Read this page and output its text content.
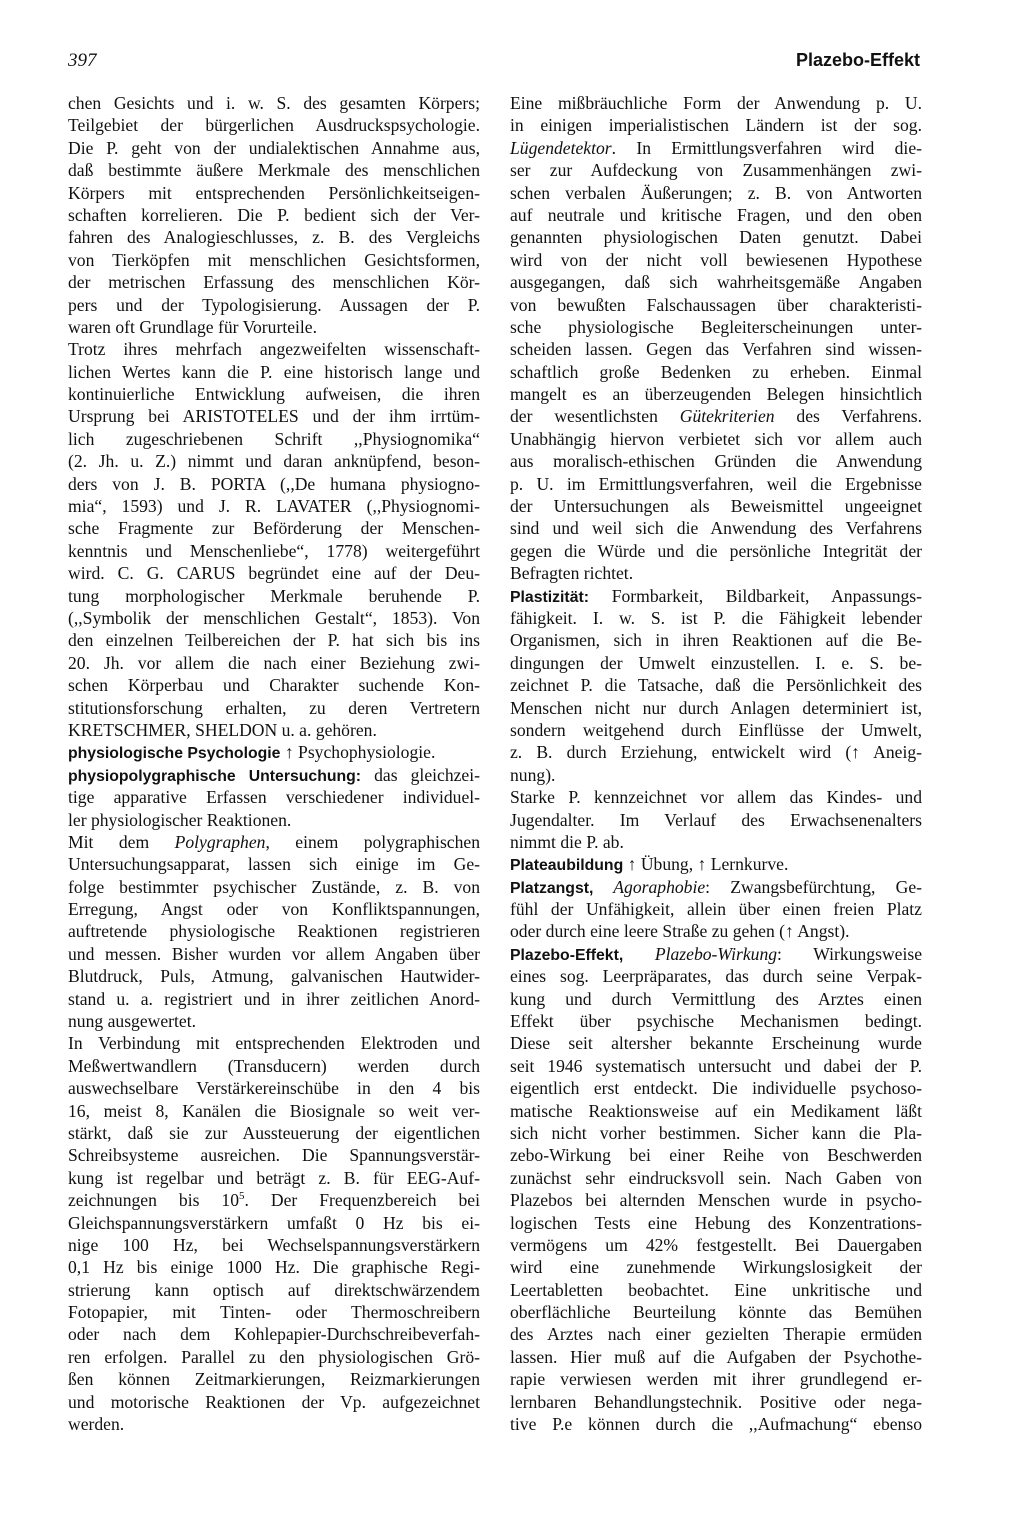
397	Plazebo-Effekt
chen Gesichts und i. w. S. des gesamten Körpers;
Teilgebiet der bürgerlichen Ausdruckspsychologie.
Die P. geht von der undialektischen Annahme aus,
daß bestimmte äußere Merkmale des menschlichen
Körpers mit entsprechenden Persönlichkeitseigen-
schaften korrelieren. Die P. bedient sich der Ver-
fahren des Analogieschlusses, z. B. des Vergleichs
von Tierköpfen mit menschlichen Gesichtsformen,
der metrischen Erfassung des menschlichen Kör-
pers und der Typologisierung. Aussagen der P.
waren oft Grundlage für Vorurteile.
Trotz ihres mehrfach angezweifelten wissenschaft-
lichen Wertes kann die P. eine historisch lange und
kontinuierliche Entwicklung aufweisen, die ihren
Ursprung bei ARISTOTELES und der ihm irrtüm-
lich zugeschriebenen Schrift ,,Physiognomika“
(2. Jh. u. Z.) nimmt und daran anknüpfend, beson-
ders von J. B. PORTA (,,De humana physiogno-
mia“, 1593) und J. R. LAVATER (,,Physiognomi-
sche Fragmente zur Beförderung der Menschen-
kenntnis und Menschenliebe“, 1778) weitergeführt
wird. C. G. CARUS begründet eine auf der Deu-
tung morphologischer Merkmale beruhende P.
(,,Symbolik der menschlichen Gestalt“, 1853). Von
den einzelnen Teilbereichen der P. hat sich bis ins
20. Jh. vor allem die nach einer Beziehung zwi-
schen Körperbau und Charakter suchende Kon-
stitutionsforschung erhalten, zu deren Vertretern
KRETSCHMER, SHELDON u. a. gehören.
physiologische Psychologie ↑ Psychophysiologie.
physiopolygraphische Untersuchung: das gleichzei-
tige apparative Erfassen verschiedener individuel-
ler physiologischer Reaktionen.
Mit dem Polygraphen, einem polygraphischen
Untersuchungsapparat, lassen sich einige im Ge-
folge bestimmter psychischer Zustände, z. B. von
Erregung, Angst oder von Konfliktspannungen,
auftretende physiologische Reaktionen registrieren
und messen. Bisher wurden vor allem Angaben über
Blutdruck, Puls, Atmung, galvanischen Hautwider-
stand u. a. registriert und in ihrer zeitlichen Anord-
nung ausgewertet.
In Verbindung mit entsprechenden Elektroden und
Meßwertwandlern (Transducern) werden durch
auswechselbare Verstärkereinschübe in den 4 bis
16, meist 8, Kanälen die Biosignale so weit ver-
stärkt, daß sie zur Aussteuerung der eigentlichen
Schreibsysteme ausreichen. Die Spannungsverstär-
kung ist regelbar und beträgt z. B. für EEG-Auf-
zeichnungen bis $10^5$. Der Frequenzbereich bei
Gleichspannungsverstärkern umfaßt 0 Hz bis ei-
nige 100 Hz, bei Wechselspannungsverstärkern
0,1 Hz bis einige 1000 Hz. Die graphische Regi-
strierung kann optisch auf direktschwärzendem
Fotopapier, mit Tinten- oder Thermoschreibern
oder nach dem Kohlepapier-Durchschreibeverfah-
ren erfolgen. Parallel zu den physiologischen Grö-
ßen können Zeitmarkierungen, Reizmarkierungen
und motorische Reaktionen der Vp. aufgezeichnet
werden.
Eine mißbräuchliche Form der Anwendung p. U.
in einigen imperialistischen Ländern ist der sog.
Lügendetektor. In Ermittlungsverfahren wird die-
ser zur Aufdeckung von Zusammenhängen zwi-
schen verbalen Äußerungen; z. B. von Antworten
auf neutrale und kritische Fragen, und den oben
genannten physiologischen Daten genutzt. Dabei
wird von der nicht voll bewiesenen Hypothese
ausgegangen, daß sich wahrheitsgemäße Angaben
von bewußten Falschaussagen über charakteristi-
sche physiologische Begleiterscheinungen unter-
scheiden lassen. Gegen das Verfahren sind wissen-
schaftlich große Bedenken zu erheben. Einmal
mangelt es an überzeugenden Belegen hinsichtlich
der wesentlichsten Gütekriterien des Verfahrens.
Unabhängig hiervon verbietet sich vor allem auch
aus moralisch-ethischen Gründen die Anwendung
p. U. im Ermittlungsverfahren, weil die Ergebnisse
der Untersuchungen als Beweismittel ungeeignet
sind und weil sich die Anwendung des Verfahrens
gegen die Würde und die persönliche Integrität der
Befragten richtet.
Plastizität: Formbarkeit, Bildbarkeit, Anpassungs-
fähigkeit. I. w. S. ist P. die Fähigkeit lebender
Organismen, sich in ihren Reaktionen auf die Be-
dingungen der Umwelt einzustellen. I. e. S. be-
zeichnet P. die Tatsache, daß die Persönlichkeit des
Menschen nicht nur durch Anlagen determiniert ist,
sondern weitgehend durch Einflüsse der Umwelt,
z. B. durch Erziehung, entwickelt wird (↑ Aneig-
nung).
Starke P. kennzeichnet vor allem das Kindes- und
Jugendalter. Im Verlauf des Erwachsenenalters
nimmt die P. ab.
Plateaubildung ↑ Übung, ↑ Lernkurve.
Platzangst, Agoraphobie: Zwangsbefürchtung, Ge-
fühl der Unfähigkeit, allein über einen freien Platz
oder durch eine leere Straße zu gehen (↑ Angst).
Plazebo-Effekt, Plazebo-Wirkung: Wirkungsweise
eines sog. Leerpräparates, das durch seine Verpak-
kung und durch Vermittlung des Arztes einen
Effekt über psychische Mechanismen bedingt.
Diese seit altersher bekannte Erscheinung wurde
seit 1946 systematisch untersucht und dabei der P.
eigentlich erst entdeckt. Die individuelle psychoso-
matische Reaktionsweise auf ein Medikament läßt
sich nicht vorher bestimmen. Sicher kann die Pla-
zebo-Wirkung bei einer Reihe von Beschwerden
zunächst sehr eindrucksvoll sein. Nach Gaben von
Plazebos bei alternden Menschen wurde in psycho-
logischen Tests eine Hebung des Konzentrations-
vermögens um 42% festgestellt. Bei Dauergaben
wird eine zunehmende Wirkungslosigkeit der
Leertabletten beobachtet. Eine unkritische und
oberflächliche Beurteilung könnte das Bemühen
des Arztes nach einer gezielten Therapie ermüden
lassen. Hier muß auf die Aufgaben der Psychothe-
rapie verwiesen werden mit ihrer grundlegend er-
lernbaren Behandlungstechnik. Positive oder nega-
tive P.e können durch die ,,Aufmachung“ ebenso
